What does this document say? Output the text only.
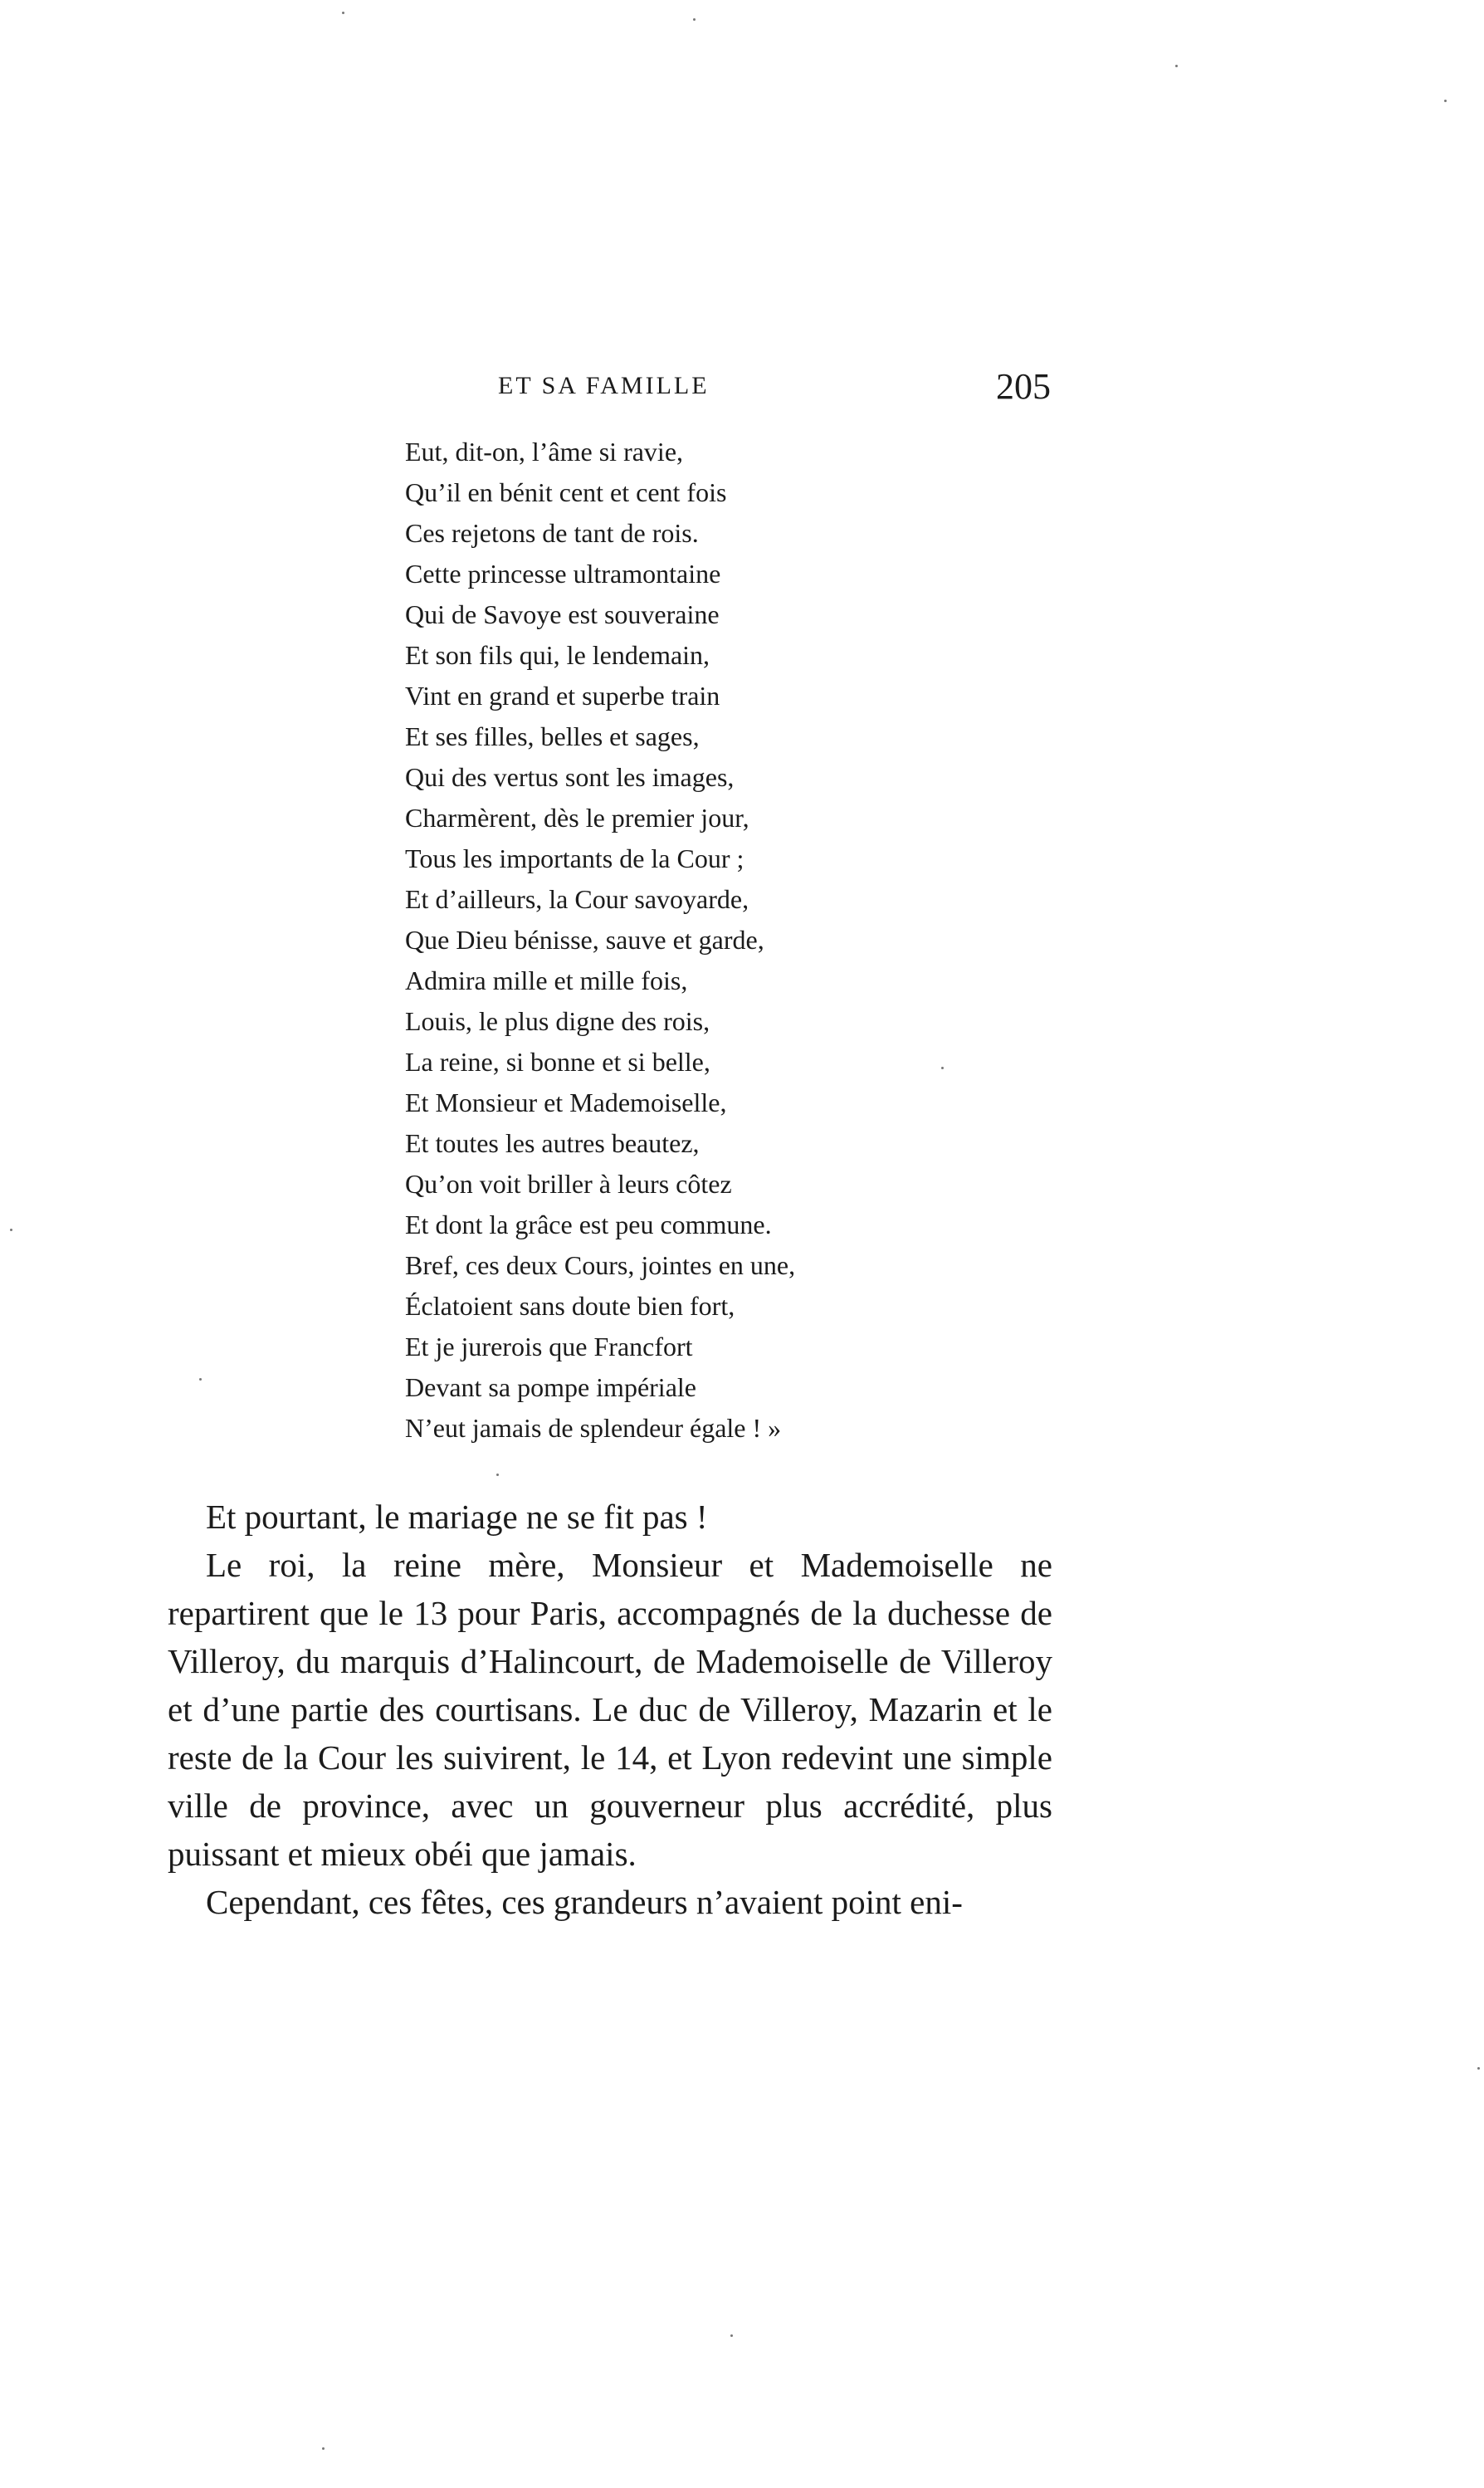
ET SA FAMILLE	205
Eut, dit-on, l’âme si ravie,
Qu’il en bénit cent et cent fois
Ces rejetons de tant de rois.
Cette princesse ultramontaine
Qui de Savoye est souveraine
Et son fils qui, le lendemain,
Vint en grand et superbe train
Et ses filles, belles et sages,
Qui des vertus sont les images,
Charmèrent, dès le premier jour,
Tous les importants de la Cour ;
Et d’ailleurs, la Cour savoyarde,
Que Dieu bénisse, sauve et garde,
Admira mille et mille fois,
Louis, le plus digne des rois,
La reine, si bonne et si belle,
Et Monsieur et Mademoiselle,
Et toutes les autres beautez,
Qu’on voit briller à leurs côtez
Et dont la grâce est peu commune.
Bref, ces deux Cours, jointes en une,
Éclatoient sans doute bien fort,
Et je jurerois que Francfort
Devant sa pompe impériale
N’eut jamais de splendeur égale ! »

Et pourtant, le mariage ne se fit pas !

Le roi, la reine mère, Monsieur et Mademoiselle ne repartirent que le 13 pour Paris, accompagnés de la duchesse de Villeroy, du marquis d’Halincourt, de Mademoiselle de Villeroy et d’une partie des courtisans. Le duc de Villeroy, Mazarin et le reste de la Cour les suivirent, le 14, et Lyon redevint une simple ville de province, avec un gouverneur plus accrédité, plus puissant et mieux obéi que jamais.

Cependant, ces fêtes, ces grandeurs n’avaient point eni-
